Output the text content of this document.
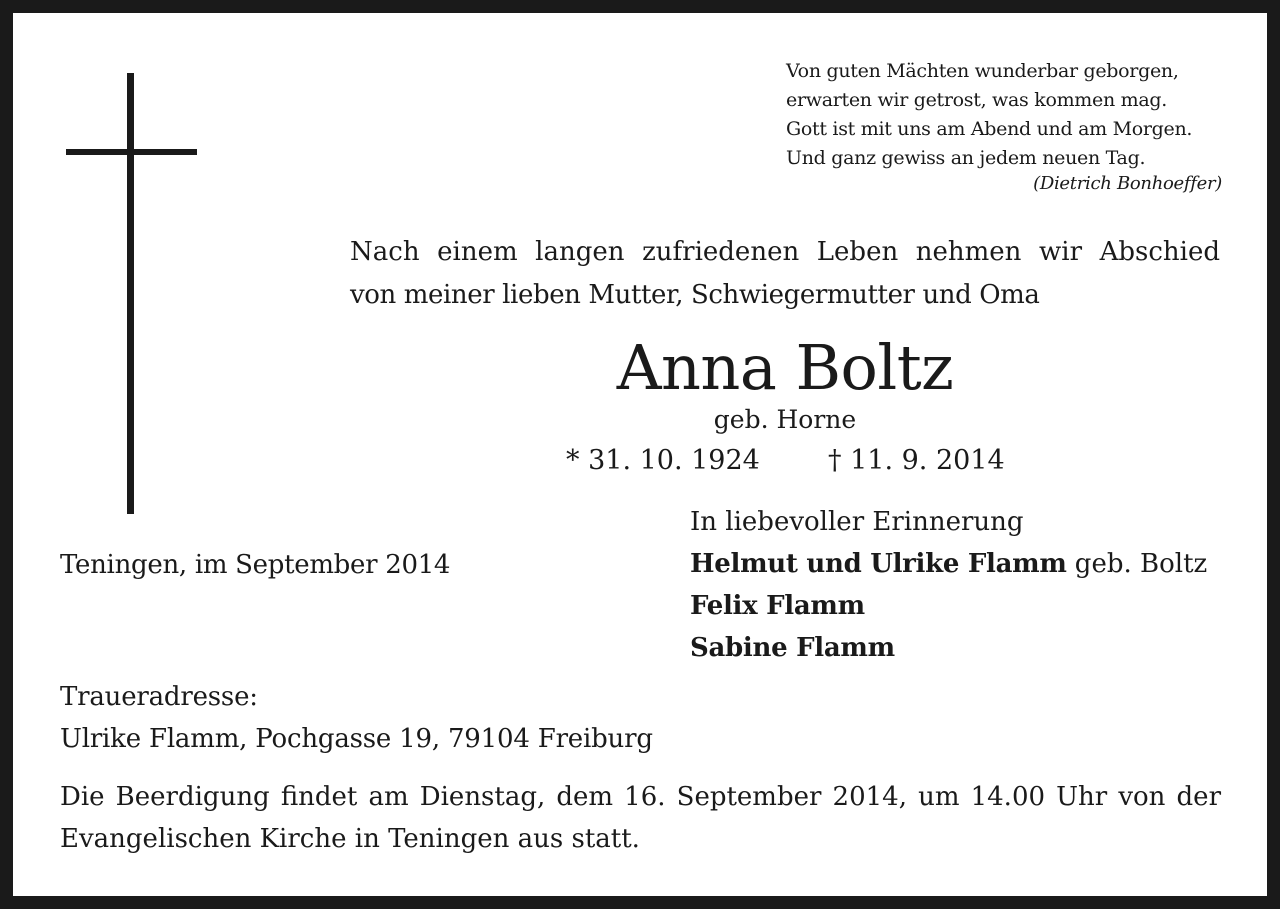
Von guten Mächten wunderbar geborgen,
erwarten wir getrost, was kommen mag.
Gott ist mit uns am Abend und am Morgen.
Und ganz gewiss an jedem neuen Tag.
(Dietrich Bonhoeffer)
Nach einem langen zufriedenen Leben nehmen wir Abschied
von meiner lieben Mutter, Schwiegermutter und Oma
Anna Boltz
geb. Horne
* 31. 10. 1924	† 11. 9. 2014
In liebevoller Erinnerung
Helmut und Ulrike Flamm geb. Boltz
Felix Flamm
Sabine Flamm
Teningen, im September 2014
Traueradresse:
Ulrike Flamm, Pochgasse 19, 79104 Freiburg
Die Beerdigung findet am Dienstag, dem 16. September 2014, um 14.00 Uhr von der
Evangelischen Kirche in Teningen aus statt.
